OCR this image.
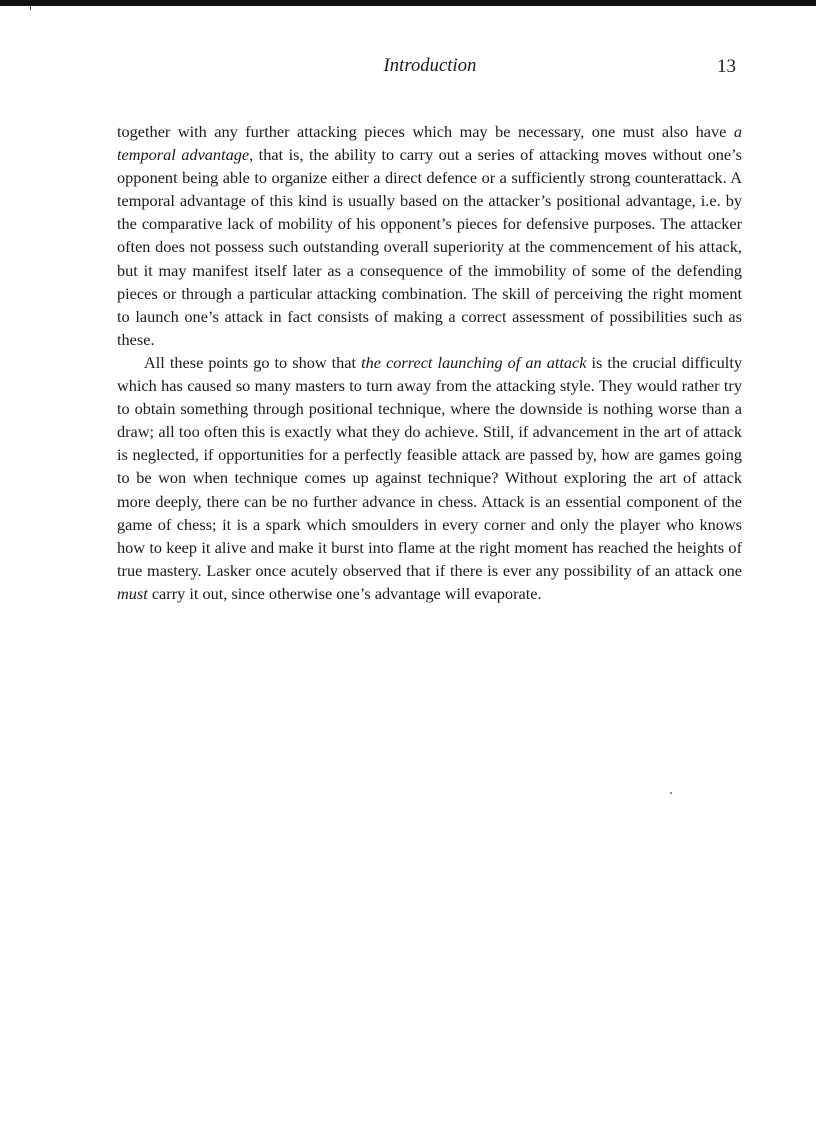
Introduction	13

together with any further attacking pieces which may be necessary, one must also have a temporal advantage, that is, the ability to carry out a series of attacking moves without one’s opponent being able to organize either a direct defence or a sufficiently strong counterattack. A temporal advantage of this kind is usually based on the attacker’s positional advantage, i.e. by the comparative lack of mobility of his opponent’s pieces for defensive purposes. The attacker often does not possess such outstanding overall superiority at the commencement of his attack, but it may manifest itself later as a consequence of the immobility of some of the defending pieces or through a particular attacking combination. The skill of perceiving the right moment to launch one’s attack in fact consists of making a correct assessment of possibilities such as these.

All these points go to show that the correct launching of an attack is the crucial difficulty which has caused so many masters to turn away from the attacking style. They would rather try to obtain something through positional technique, where the downside is nothing worse than a draw; all too often this is exactly what they do achieve. Still, if advancement in the art of attack is neglected, if opportunities for a perfectly feasible attack are passed by, how are games going to be won when technique comes up against technique? Without exploring the art of attack more deeply, there can be no further advance in chess. Attack is an essential component of the game of chess; it is a spark which smoulders in every corner and only the player who knows how to keep it alive and make it burst into flame at the right moment has reached the heights of true mastery. Lasker once acutely observed that if there is ever any possibility of an attack one must carry it out, since otherwise one’s advantage will evaporate.
